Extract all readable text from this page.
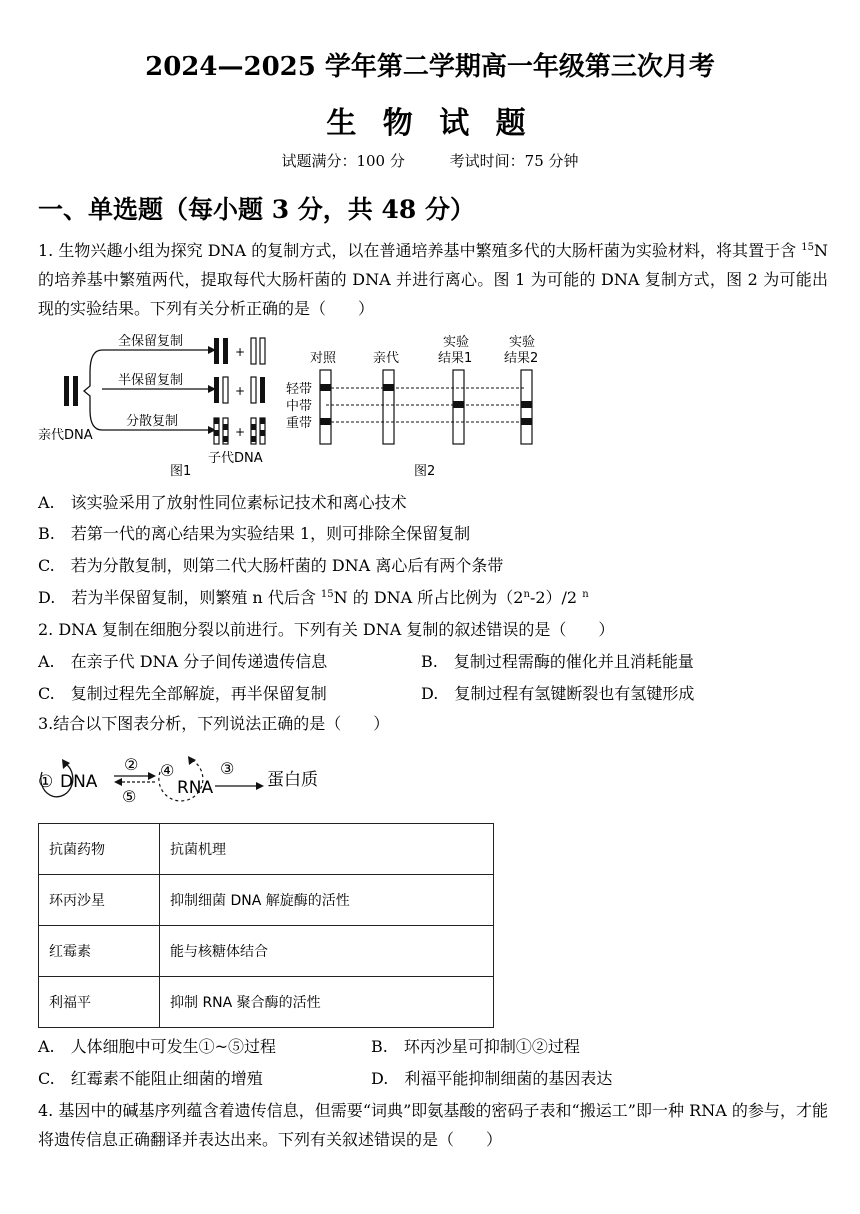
2024—2025 学年第二学期高一年级第三次月考
生 物 试 题
试题满分：100 分	考试时间：75 分钟
一、单选题（每小题 3 分，共 48 分）
1. 生物兴趣小组为探究 DNA 的复制方式，以在普通培养基中繁殖多代的大肠杆菌为实验材料，将其置于含 $^{15}$N 的培养基中繁殖两代，提取每代大肠杆菌的 DNA 并进行离心。图 1 为可能的 DNA 复制方式，图 2 为可能出现的实验结果。下列有关分析正确的是（　　）
亲代DNA
全保留复制
半保留复制
分散复制
+
+
+
子代DNA
图1
对照	亲代
实验
结果1
实验
结果2
轻带
中带
重带
图2
A.　该实验采用了放射性同位素标记技术和离心技术
B.　若第一代的离心结果为实验结果 1，则可排除全保留复制
C.　若为分散复制，则第二代大肠杆菌的 DNA 离心后有两个条带
D.　若为半保留复制，则繁殖 n 代后含 $^{15}$N 的 DNA 所占比例为（2$^n$-2）/2 $^n$
2. DNA 复制在细胞分裂以前进行。下列有关 DNA 复制的叙述错误的是（　　）
A.　在亲子代 DNA 分子间传递遗传信息	B.　复制过程需酶的催化并且消耗能量
C.　复制过程先全部解旋，再半保留复制	D.　复制过程有氢键断裂也有氢键形成
3.结合以下图表分析，下列说法正确的是（　　）
① DNA
②
⑤
④
RNA
③
蛋白质
抗菌药物	抗菌机理
环丙沙星	抑制细菌 DNA 解旋酶的活性
红霉素	能与核糖体结合
利福平	抑制 RNA 聚合酶的活性
A.　人体细胞中可发生①~⑤过程	B.　环丙沙星可抑制①②过程
C.　红霉素不能阻止细菌的增殖	D.　利福平能抑制细菌的基因表达
4. 基因中的碱基序列蕴含着遗传信息，但需要“词典”即氨基酸的密码子表和“搬运工”即一种 RNA 的参与，才能将遗传信息正确翻译并表达出来。下列有关叙述错误的是（　　）
